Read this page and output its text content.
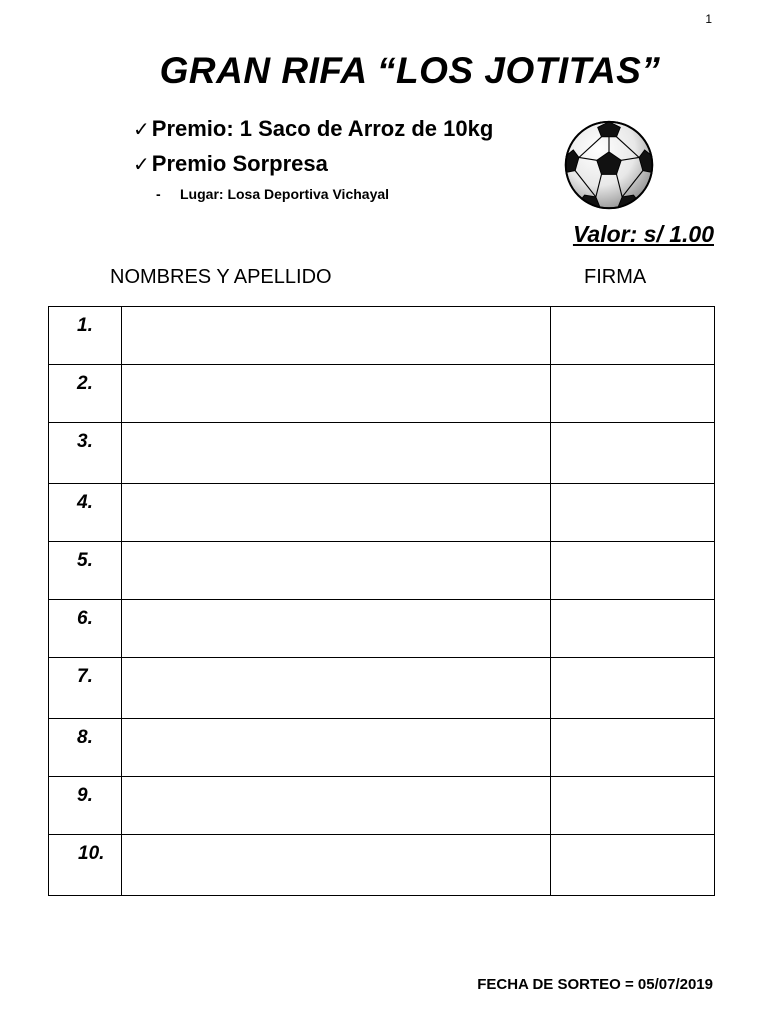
1
GRAN RIFA “LOS JOTITAS”
✓Premio: 1 Saco de Arroz de 10kg
✓Premio Sorpresa
- Lugar: Losa Deportiva Vichayal
Valor: s/ 1.00
NOMBRES Y APELLIDO	FIRMA
1.		

2.		

3.		

4.		

5.		

6.		

7.		

8.		

9.		

10.		

FECHA DE SORTEO = 05/07/2019
